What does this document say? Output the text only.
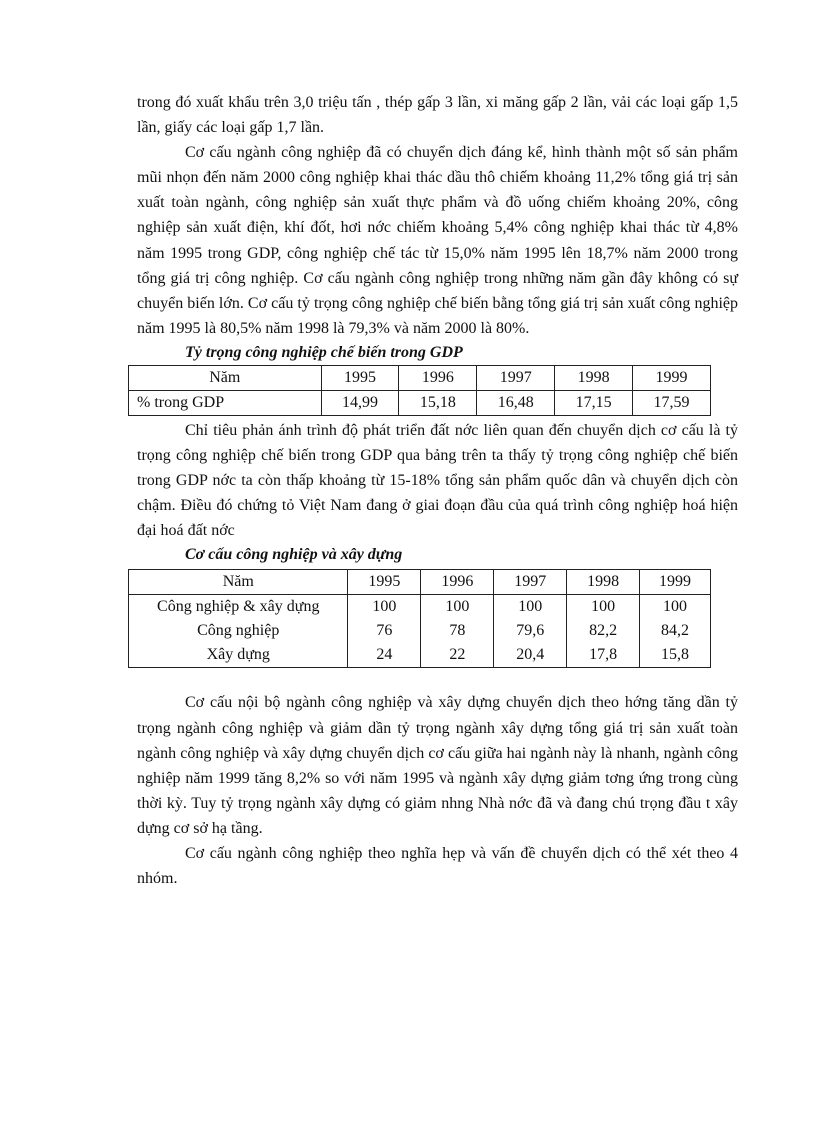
trong đó xuất khẩu trên 3,0 triệu tấn , thép gấp 3 lần, xi măng gấp 2 lần, vải các loại gấp 1,5 lần, giấy các loại gấp 1,7 lần.

Cơ cấu ngành công nghiệp đã có chuyển dịch đáng kể, hình thành một số sản phẩm mũi nhọn đến năm 2000 công nghiệp khai thác dầu thô chiếm khoảng 11,2% tổng giá trị sản xuất toàn ngành, công nghiệp sản xuất thực phẩm và đồ uống chiếm khoảng 20%, công nghiệp sản xuất điện, khí đốt, hơi nớc chiếm khoảng 5,4% công nghiệp khai thác từ 4,8% năm 1995 trong GDP, công nghiệp chế tác từ 15,0% năm 1995 lên 18,7% năm 2000 trong tổng giá trị công nghiệp. Cơ cấu ngành công nghiệp trong những năm gần đây không có sự chuyển biến lớn. Cơ cấu tỷ trọng công nghiệp chế biến bằng tổng giá trị sản xuất công nghiệp năm 1995 là 80,5% năm 1998 là 79,3% và năm 2000 là 80%.

Tỷ trọng công nghiệp chế biến trong GDP
Năm	1995	1996	1997	1998	1999
% trong GDP	14,99	15,18	16,48	17,15	17,59

Chỉ tiêu phản ánh trình độ phát triển đất nớc liên quan đến chuyển dịch cơ cấu là tỷ trọng công nghiệp chế biến trong GDP qua bảng trên ta thấy tỷ trọng công nghiệp chế biến trong GDP nớc ta còn thấp khoảng từ 15-18% tổng sản phẩm quốc dân và chuyển dịch còn chậm. Điều đó chứng tỏ Việt Nam đang ở giai đoạn đầu của quá trình công nghiệp hoá hiện đại hoá đất nớc

Cơ cấu công nghiệp và xây dựng
Năm	1995	1996	1997	1998	1999
Công nghiệp & xây dựng	100	100	100	100	100
Công nghiệp	76	78	79,6	82,2	84,2
Xây dựng	24	22	20,4	17,8	15,8

Cơ cấu nội bộ ngành công nghiệp và xây dựng chuyển dịch theo hớng tăng dần tỷ trọng ngành công nghiệp và giảm dần tỷ trọng ngành xây dựng tổng giá trị sản xuất toàn ngành công nghiệp và xây dựng chuyển dịch cơ cấu giữa hai ngành này là nhanh, ngành công nghiệp năm 1999 tăng 8,2% so với năm 1995 và ngành xây dựng giảm tơng ứng trong cùng thời kỳ. Tuy tỷ trọng ngành xây dựng có giảm nhng Nhà nớc đã và đang chú trọng đầu t xây dựng cơ sở hạ tầng.

Cơ cấu ngành công nghiệp theo nghĩa hẹp và vấn đề chuyển dịch có thể xét theo 4 nhóm.
